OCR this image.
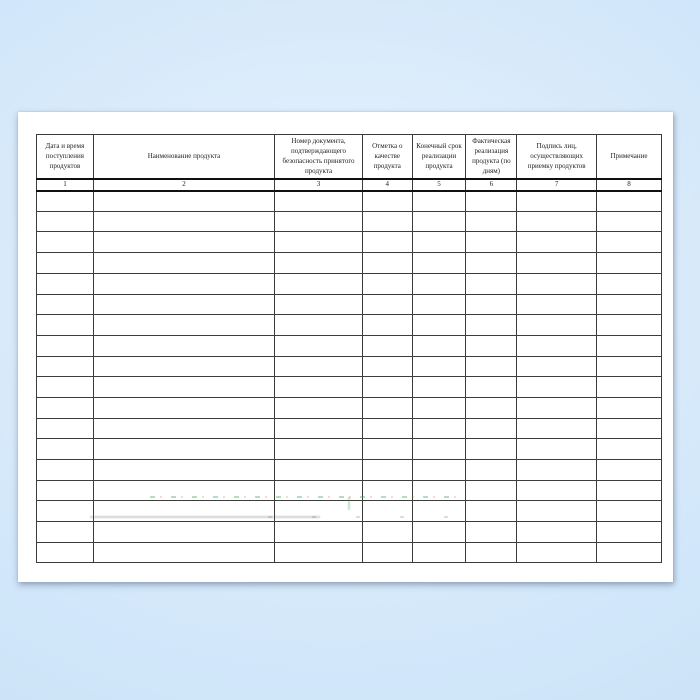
Дата и время поступления продуктов	Наименование продукта	Номер документа, подтверждающего безопасность принятого продукта	Отметка о качестве продукта	Конечный срок реализации продукта	Фактическая реализация продукта (по дням)	Подпись лиц, осуществляющих приемку продуктов	Примечание
1	2	3	4	5	6	7	8
